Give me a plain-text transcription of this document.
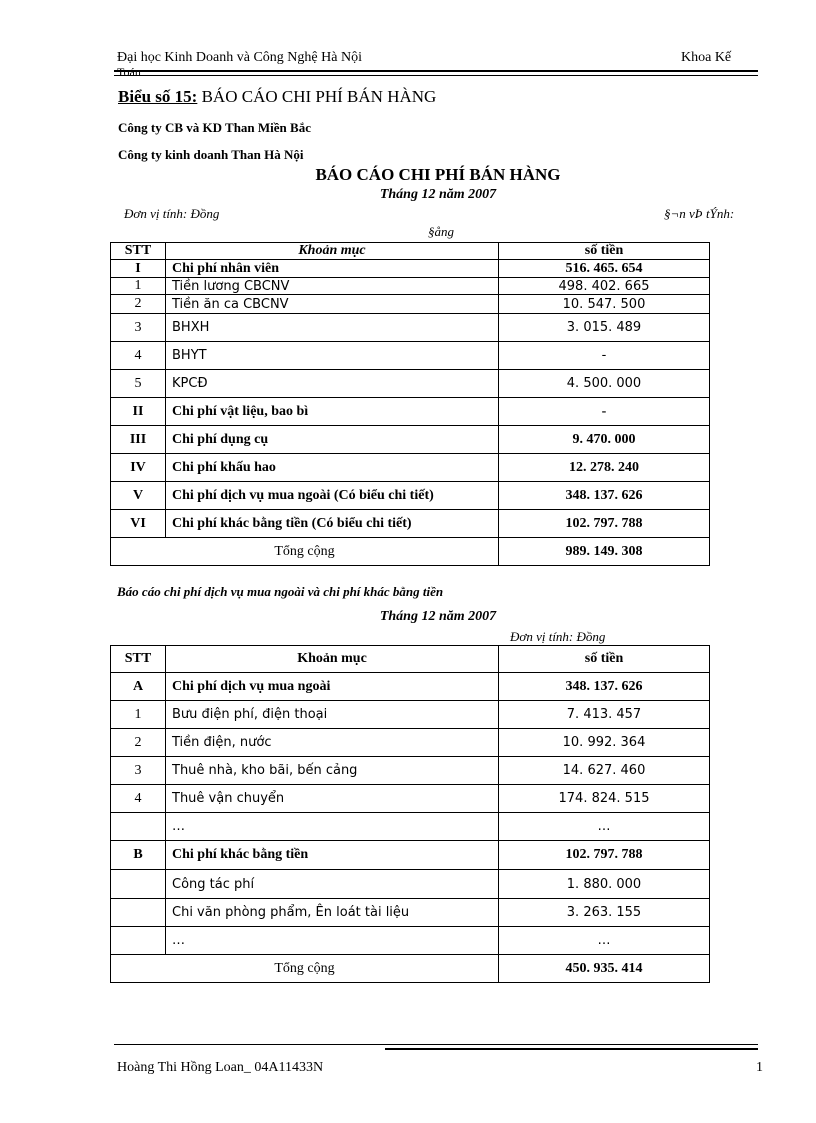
Đại học Kinh Doanh và Công Nghệ Hà Nội	Khoa Kế
Toán
Biểu số 15: BÁO CÁO CHI PHÍ BÁN HÀNG
Công ty CB và KD Than Miền Bắc
Công ty kinh doanh Than Hà Nội
BÁO CÁO CHI PHÍ BÁN HÀNG
Tháng 12 năm 2007
Đơn vị tính: Đồng	§¬n vÞ tÝnh:
§ång
STT	Khoản mục	số tiền
I	Chi phí nhân viên	516. 465. 654
1	Tiền lương CBCNV	498. 402. 665
2	Tiền ăn ca CBCNV	10. 547. 500
3	BHXH	3. 015. 489
4	BHYT	-
5	KPCĐ	4. 500. 000
II	Chi phí vật liệu, bao bì	-
III	Chi phí dụng cụ	9. 470. 000
IV	Chi phí khấu hao	12. 278. 240
V	Chi phí dịch vụ mua ngoài (Có biểu chi tiết)	348. 137. 626
VI	Chi phí khác bằng tiền (Có biểu chi tiết)	102. 797. 788
Tổng cộng		989. 149. 308
Báo cáo chi phí dịch vụ mua ngoài và chi phí khác bằng tiền
Tháng 12 năm 2007
Đơn vị tính: Đồng
STT	Khoản mục	số tiền
A	Chi phí dịch vụ mua ngoài	348. 137. 626
1	Bưu điện phí, điện thoại	7. 413. 457
2	Tiền điện, nước	10. 992. 364
3	Thuê nhà, kho bãi, bến cảng	14. 627. 460
4	Thuê vận chuyển	174. 824. 515
	…	…
B	Chi phí khác bằng tiền	102. 797. 788
	Công tác phí	1. 880. 000
	Chi văn phòng phẩm, Ên loát tài liệu	3. 263. 155
	…	…
Tổng cộng		450. 935. 414
Hoàng Thi Hồng Loan_ 04A11433N	1
